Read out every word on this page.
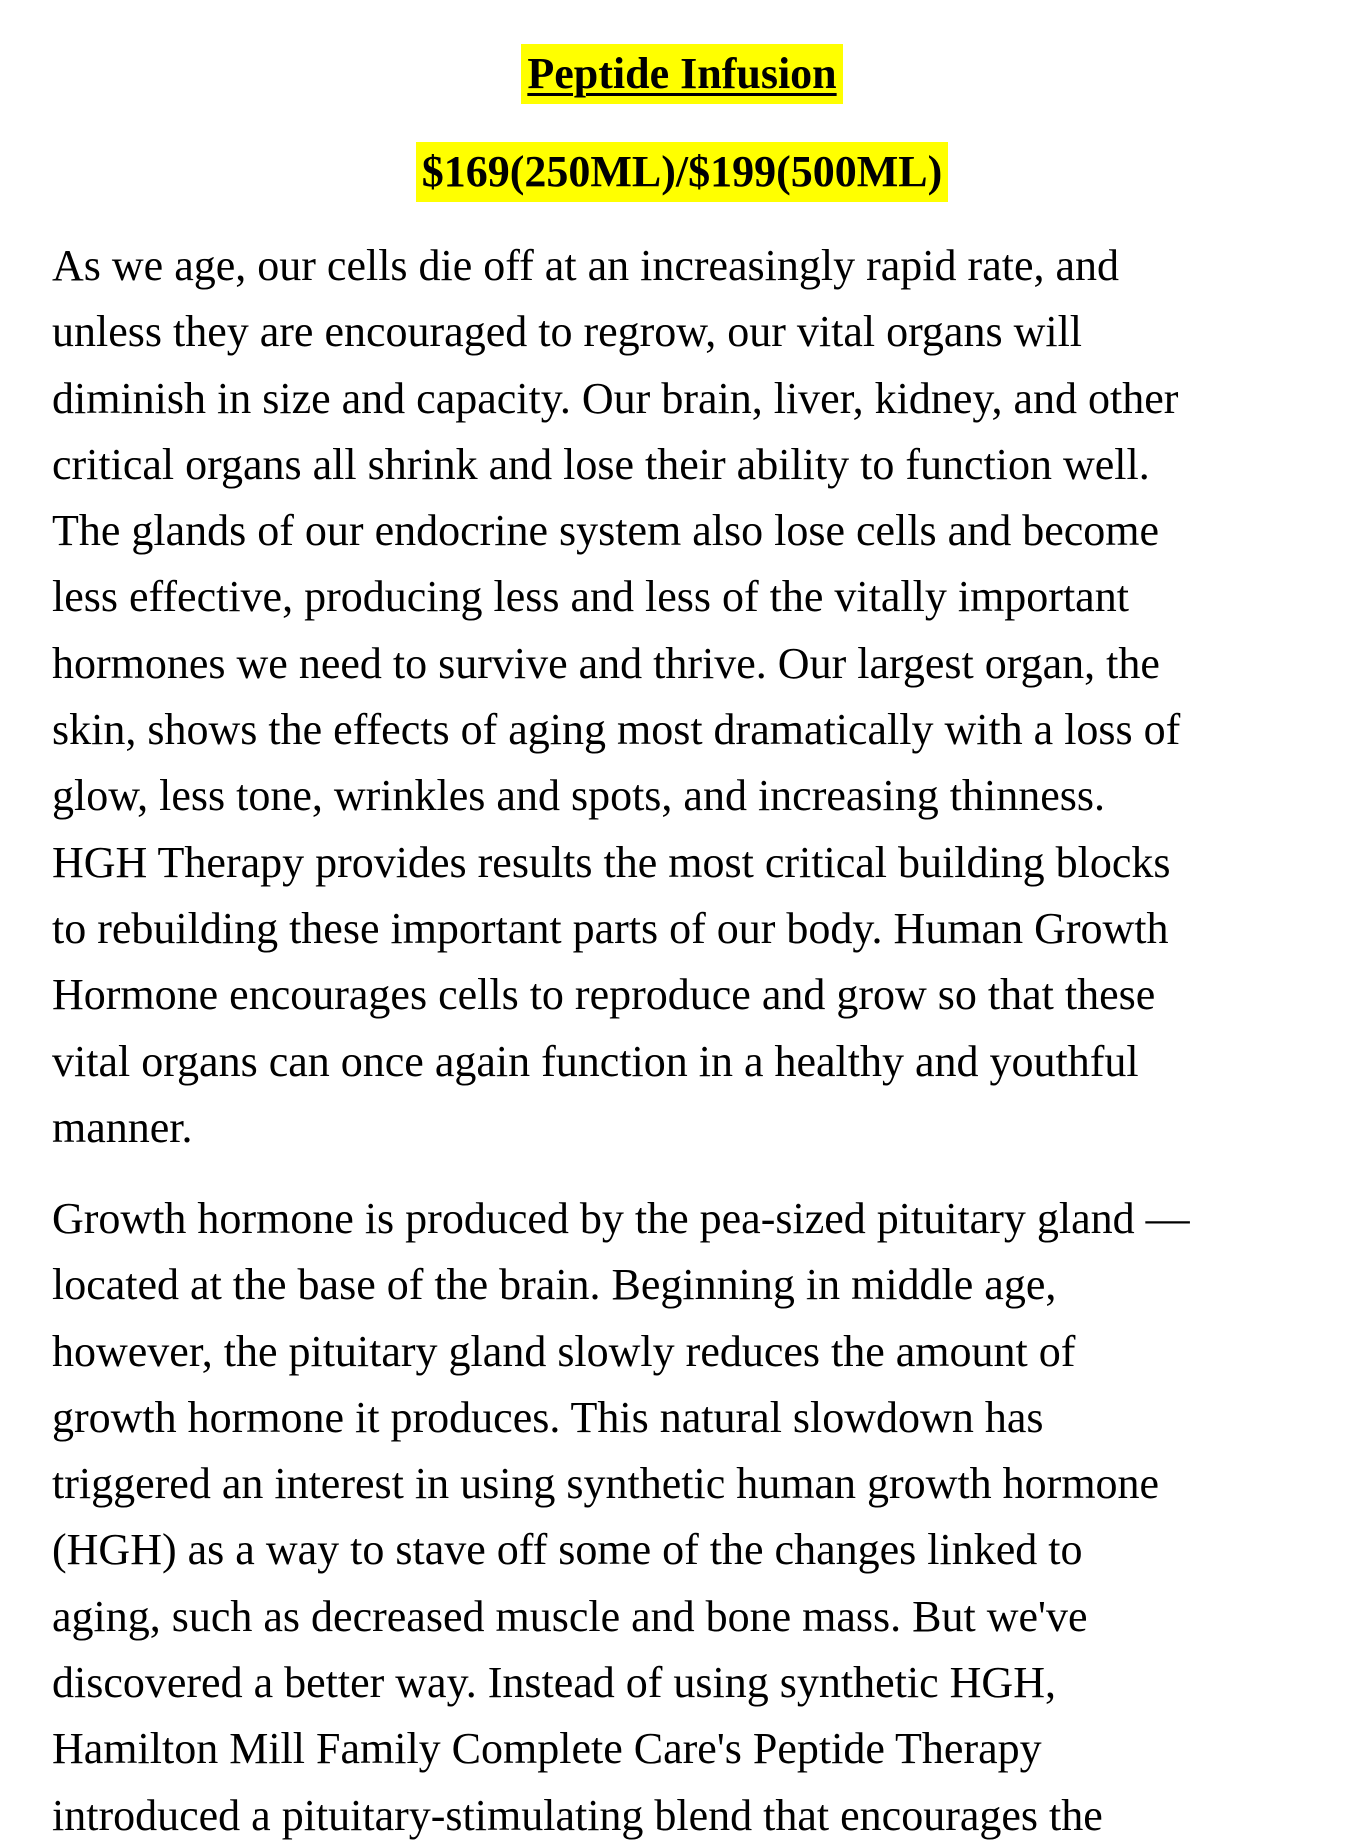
Peptide Infusion
$169(250ML)/$199(500ML)

As we age, our cells die off at an increasingly rapid rate, and
unless they are encouraged to regrow, our vital organs will
diminish in size and capacity. Our brain, liver, kidney, and other
critical organs all shrink and lose their ability to function well.
The glands of our endocrine system also lose cells and become
less effective, producing less and less of the vitally important
hormones we need to survive and thrive. Our largest organ, the
skin, shows the effects of aging most dramatically with a loss of
glow, less tone, wrinkles and spots, and increasing thinness.
HGH Therapy provides results the most critical building blocks
to rebuilding these important parts of our body. Human Growth
Hormone encourages cells to reproduce and grow so that these
vital organs can once again function in a healthy and youthful
manner.

Growth hormone is produced by the pea-sized pituitary gland —
located at the base of the brain. Beginning in middle age,
however, the pituitary gland slowly reduces the amount of
growth hormone it produces. This natural slowdown has
triggered an interest in using synthetic human growth hormone
(HGH) as a way to stave off some of the changes linked to
aging, such as decreased muscle and bone mass. But we've
discovered a better way. Instead of using synthetic HGH,
Hamilton Mill Family Complete Care's Peptide Therapy
introduced a pituitary-stimulating blend that encourages the
